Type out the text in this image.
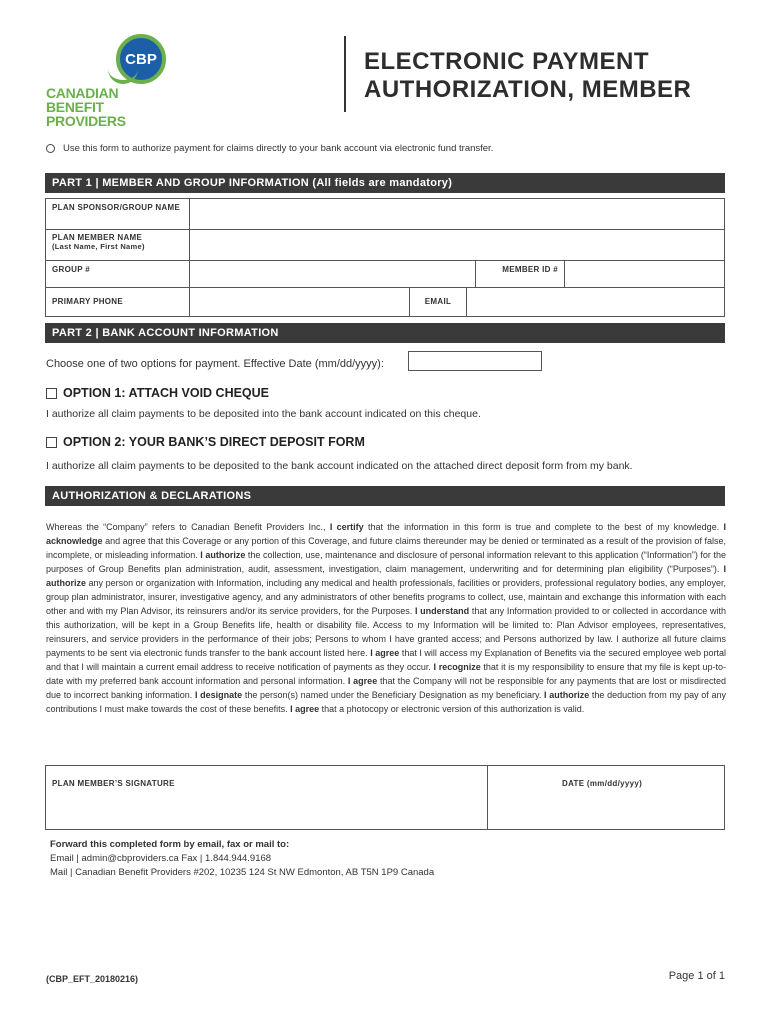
CBP
CANADIAN
BENEFIT PROVIDERS
ELECTRONIC PAYMENT
AUTHORIZATION, MEMBER
Use this form to authorize payment for claims directly to your bank account via electronic fund transfer.
PART 1 | MEMBER AND GROUP INFORMATION (All fields are mandatory)
PLAN SPONSOR/GROUP NAME
PLAN MEMBER NAME
(Last Name, First Name)
GROUP #	MEMBER ID #
PRIMARY PHONE	EMAIL
PART 2 | BANK ACCOUNT INFORMATION
Choose one of two options for payment. Effective Date (mm/dd/yyyy):
OPTION 1: ATTACH VOID CHEQUE
I authorize all claim payments to be deposited into the bank account indicated on this cheque.
OPTION 2: YOUR BANK’S DIRECT DEPOSIT FORM
I authorize all claim payments to be deposited to the bank account indicated on the attached direct deposit form from my bank.
AUTHORIZATION & DECLARATIONS
Whereas the “Company” refers to Canadian Benefit Providers Inc., I certify that the information in this form is true and complete to the best of my knowledge. I acknowledge and agree that this Coverage or any portion of this Coverage, and future claims thereunder may be denied or terminated as a result of the provision of false, incomplete, or misleading information. I authorize the collection, use, maintenance and disclosure of personal information relevant to this application (“Information”) for the purposes of Group Benefits plan administration, audit, assessment, investigation, claim management, underwriting and for determining plan eligibility (“Purposes”). I authorize any person or organization with Information, including any medical and health professionals, facilities or providers, professional regulatory bodies, any employer, group plan administrator, insurer, investigative agency, and any administrators of other benefits programs to collect, use, maintain and exchange this information with each other and with my Plan Advisor, its reinsurers and/or its service providers, for the Purposes. I understand that any Information provided to or collected in accordance with this authorization, will be kept in a Group Benefits life, health or disability file. Access to my Information will be limited to: Plan Advisor employees, representatives, reinsurers, and service providers in the performance of their jobs; Persons to whom I have granted access; and Persons authorized by law. I authorize all future claims payments to be sent via electronic funds transfer to the bank account listed here. I agree that I will access my Explanation of Benefits via the secured employee web portal and that I will maintain a current email address to receive notification of payments as they occur. I recognize that it is my responsibility to ensure that my file is kept up-to-date with my preferred bank account information and personal information. I agree that the Company will not be responsible for any payments that are lost or misdirected due to incorrect banking information. I designate the person(s) named under the Beneficiary Designation as my beneficiary. I authorize the deduction from my pay of any contributions I must make towards the cost of these benefits. I agree that a photocopy or electronic version of this authorization is valid.
PLAN MEMBER’S SIGNATURE	DATE (mm/dd/yyyy)
Forward this completed form by email, fax or mail to:
Email | admin@cbproviders.ca Fax | 1.844.944.9168
Mail | Canadian Benefit Providers #202, 10235 124 St NW Edmonton, AB T5N 1P9 Canada
(CBP_EFT_20180216)	Page 1 of 1
